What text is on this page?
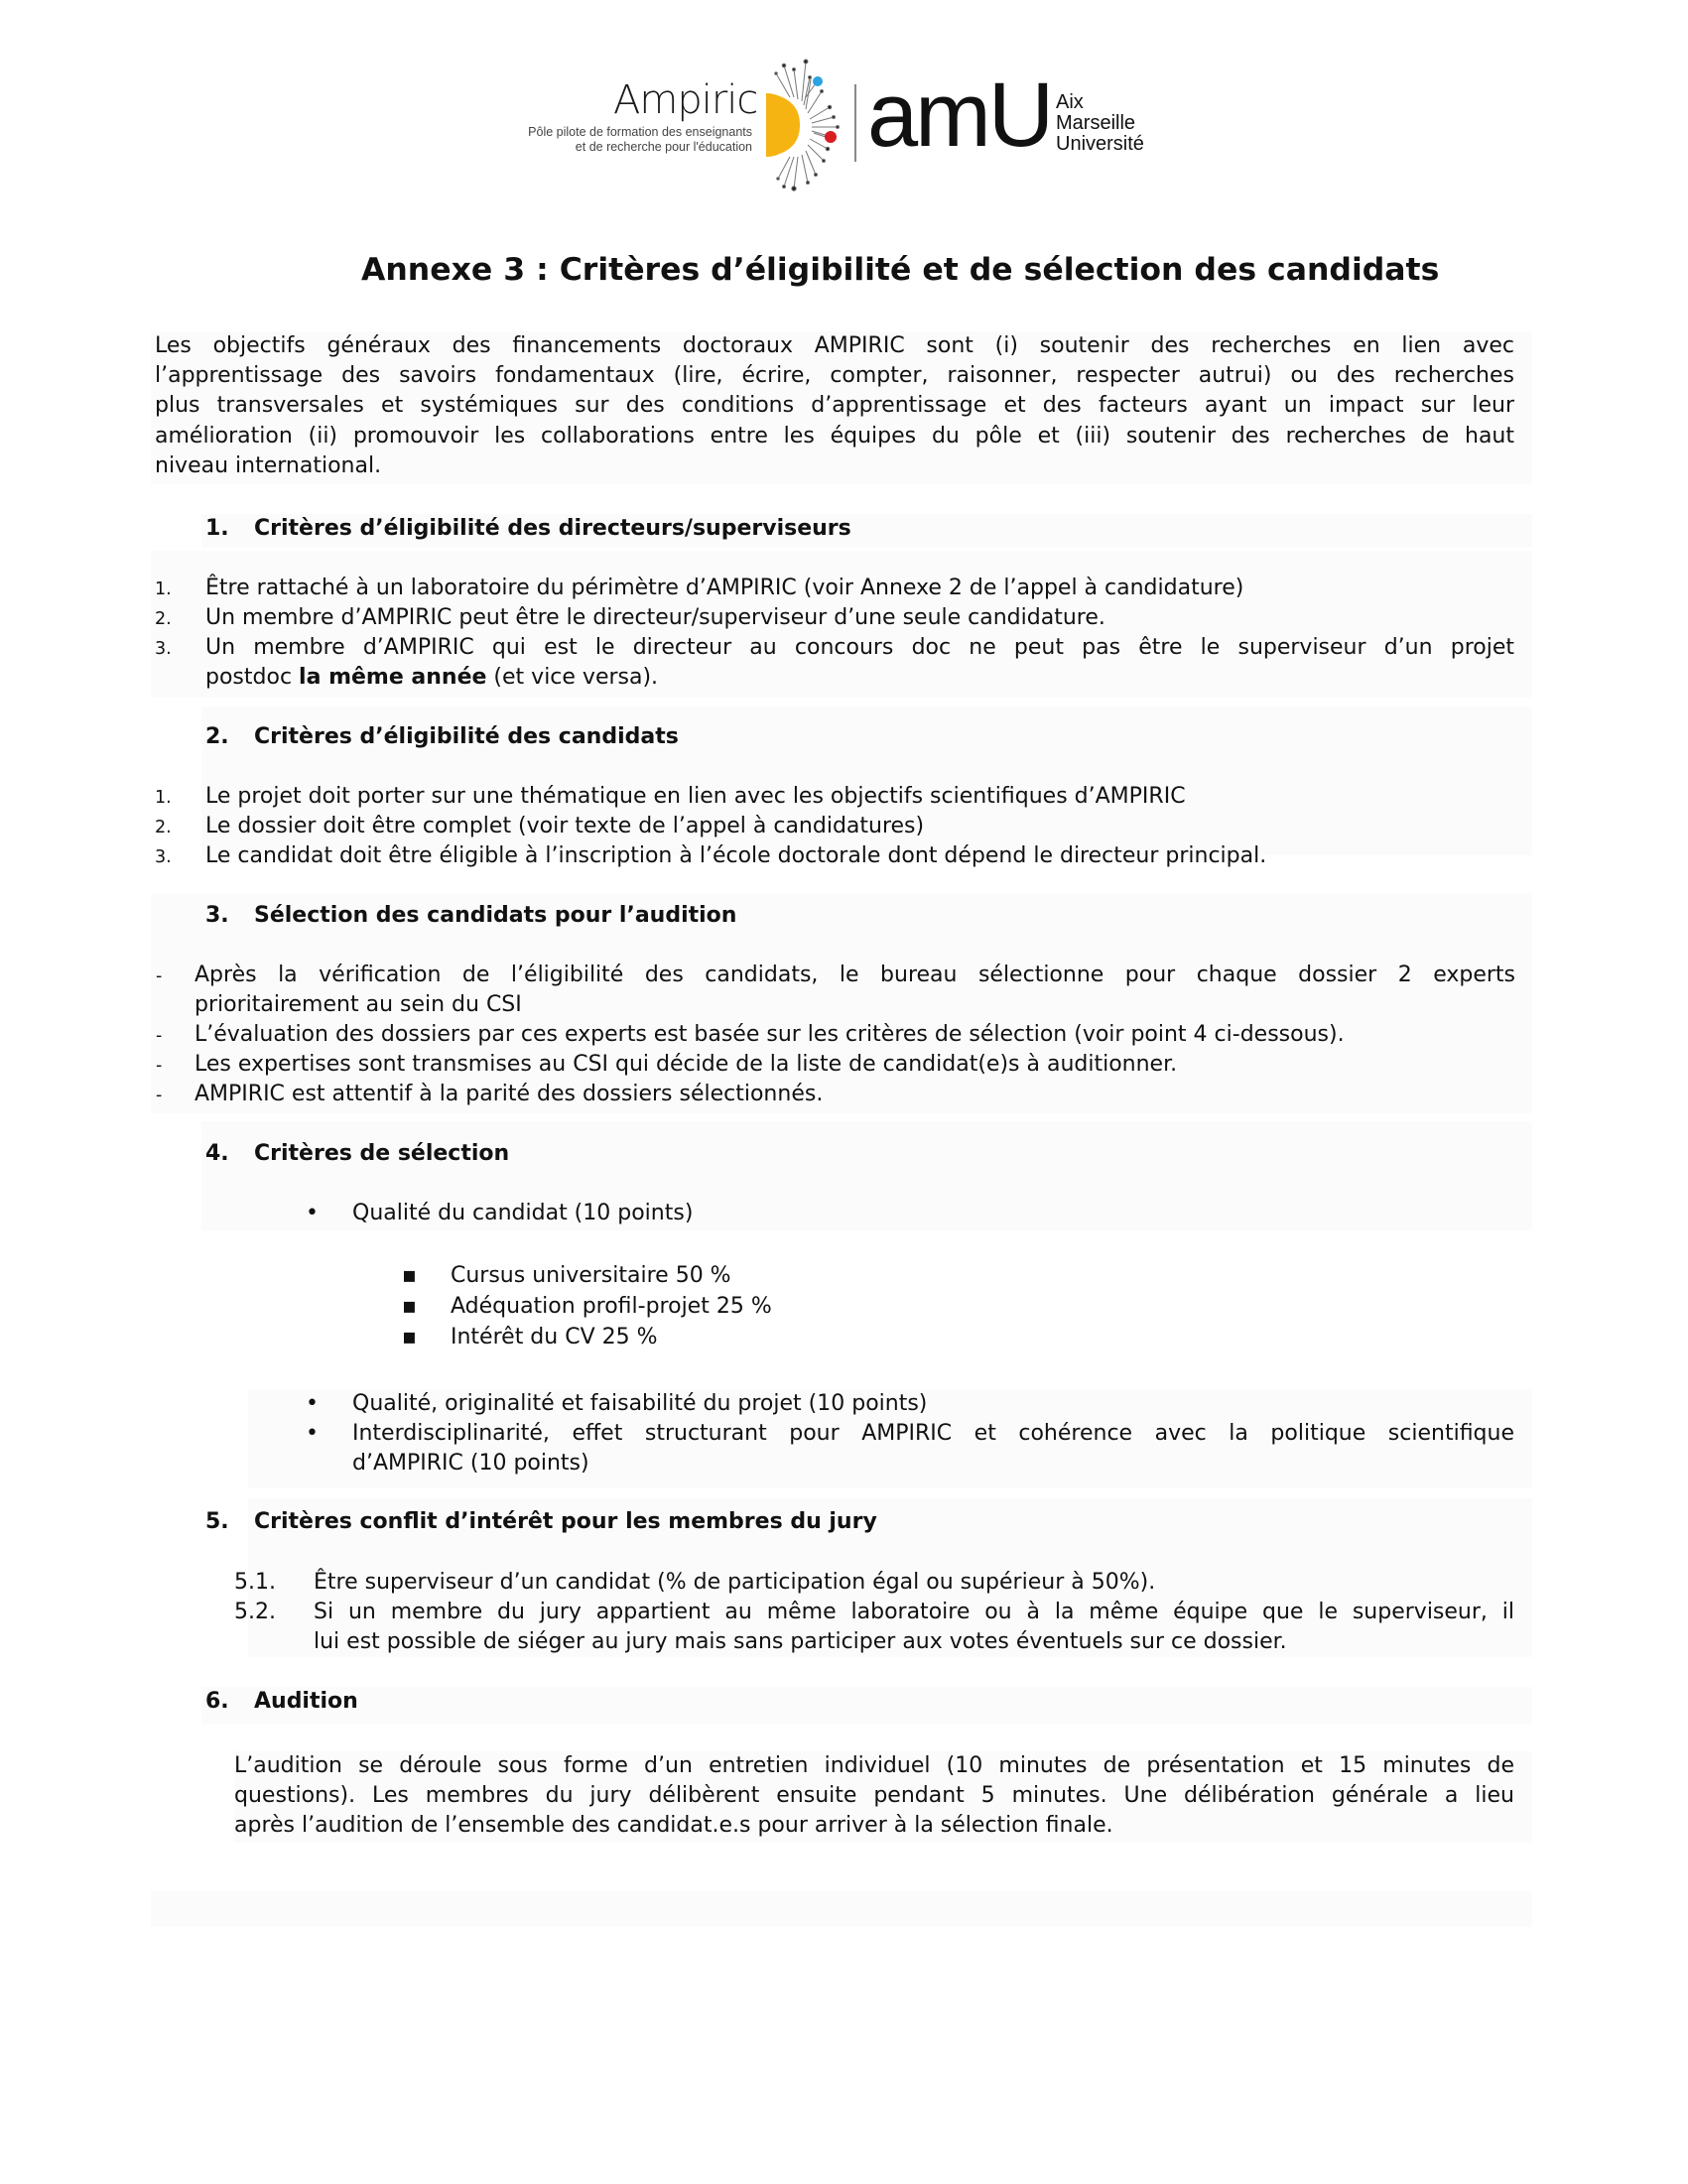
Ampiric
Pôle pilote de formation des enseignants
et de recherche pour l'éducation amU Aix
Marseille
Université
Annexe 3 : Critères d’éligibilité et de sélection des candidats
Les objectifs généraux des financements doctoraux AMPIRIC sont (i) soutenir des recherches en lien avec
l’apprentissage des savoirs fondamentaux (lire, écrire, compter, raisonner, respecter autrui) ou des recherches
plus transversales et systémiques sur des conditions d’apprentissage et des facteurs ayant un impact sur leur
amélioration (ii) promouvoir les collaborations entre les équipes du pôle et (iii) soutenir des recherches de haut
niveau international.
1. Critères d’éligibilité des directeurs/superviseurs
1. Être rattaché à un laboratoire du périmètre d’AMPIRIC (voir Annexe 2 de l’appel à candidature)
2. Un membre d’AMPIRIC peut être le directeur/superviseur d’une seule candidature.
3. Un membre d’AMPIRIC qui est le directeur au concours doc ne peut pas être le superviseur d’un projet
postdoc la même année (et vice versa).
2. Critères d’éligibilité des candidats
1. Le projet doit porter sur une thématique en lien avec les objectifs scientifiques d’AMPIRIC
2. Le dossier doit être complet (voir texte de l’appel à candidatures)
3. Le candidat doit être éligible à l’inscription à l’école doctorale dont dépend le directeur principal.
3. Sélection des candidats pour l’audition
- Après la vérification de l’éligibilité des candidats, le bureau sélectionne pour chaque dossier 2 experts
prioritairement au sein du CSI
- L’évaluation des dossiers par ces experts est basée sur les critères de sélection (voir point 4 ci-dessous).
- Les expertises sont transmises au CSI qui décide de la liste de candidat(e)s à auditionner.
- AMPIRIC est attentif à la parité des dossiers sélectionnés.
4. Critères de sélection
• Qualité du candidat (10 points)
▪ Cursus universitaire 50 %
▪ Adéquation profil-projet 25 %
▪ Intérêt du CV 25 %
• Qualité, originalité et faisabilité du projet (10 points)
• Interdisciplinarité, effet structurant pour AMPIRIC et cohérence avec la politique scientifique
d’AMPIRIC (10 points)
5. Critères conflit d’intérêt pour les membres du jury
5.1. Être superviseur d’un candidat (% de participation égal ou supérieur à 50%).
5.2. Si un membre du jury appartient au même laboratoire ou à la même équipe que le superviseur, il
lui est possible de siéger au jury mais sans participer aux votes éventuels sur ce dossier.
6. Audition
L’audition se déroule sous forme d’un entretien individuel (10 minutes de présentation et 15 minutes de
questions). Les membres du jury délibèrent ensuite pendant 5 minutes. Une délibération générale a lieu
après l’audition de l’ensemble des candidat.e.s pour arriver à la sélection finale.
